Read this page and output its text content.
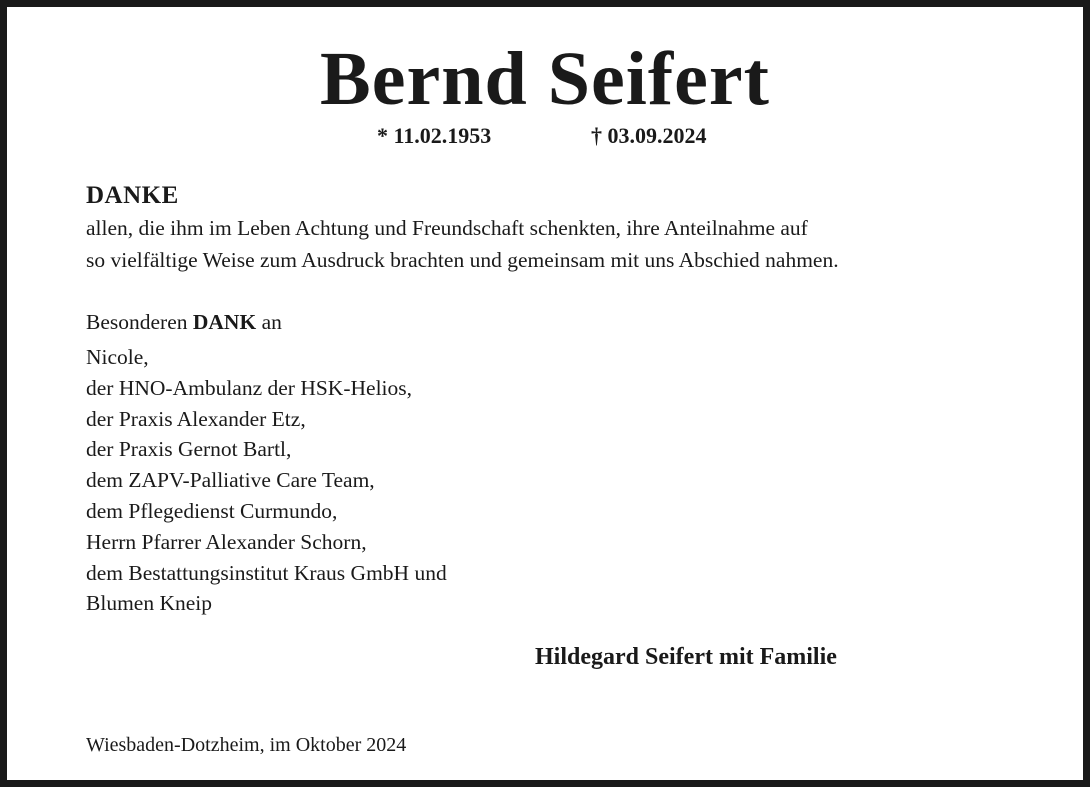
Bernd Seifert
* 11.02.1953	† 03.09.2024
DANKE
allen, die ihm im Leben Achtung und Freundschaft schenkten, ihre Anteilnahme auf
so vielfältige Weise zum Ausdruck brachten und gemeinsam mit uns Abschied nahmen.
Besonderen DANK an
Nicole,
der HNO-Ambulanz der HSK-Helios,
der Praxis Alexander Etz,
der Praxis Gernot Bartl,
dem ZAPV-Palliative Care Team,
dem Pflegedienst Curmundo,
Herrn Pfarrer Alexander Schorn,
dem Bestattungsinstitut Kraus GmbH und
Blumen Kneip
Hildegard Seifert mit Familie
Wiesbaden-Dotzheim, im Oktober 2024
